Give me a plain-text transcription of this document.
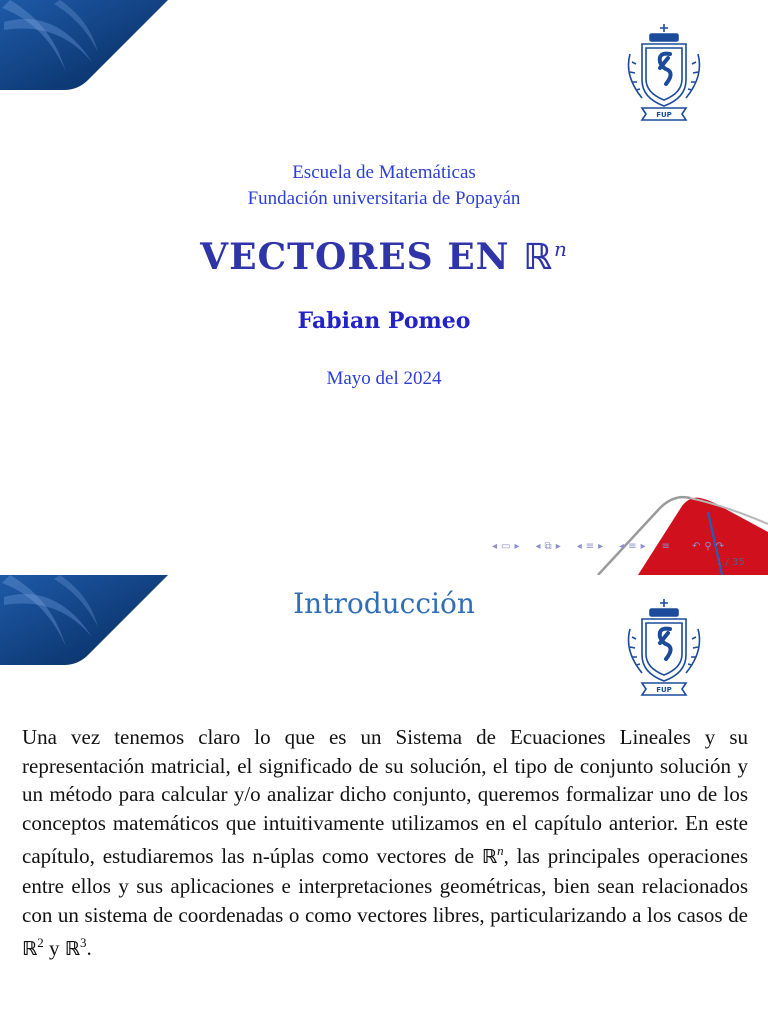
FUP
Escuela de Matemáticas
Fundación universitaria de Popayán
VECTORES EN ℝ$^n$
Fabian Pomeo
Mayo del 2024
◂ ▭ ▸ ◂ ⧉ ▸ ◂ ≡ ▸ ◂ ≡ ▸ ≡ ↶ ⚲ ↷
1 / 35
Introducción
FUP
Una vez tenemos claro lo que es un Sistema de Ecuaciones Lineales y su representación matricial, el significado de su solución, el tipo de conjunto solución y un método para calcular y/o analizar dicho conjunto, queremos formalizar uno de los conceptos matemáticos que intuitivamente utilizamos en el capítulo anterior. En este capítulo, estudiaremos las n-úplas como vectores de ℝ$^n$, las principales operaciones entre ellos y sus aplicaciones e interpretaciones geométricas, bien sean relacionados con un sistema de coordenadas o como vectores libres, particularizando a los casos de ℝ$^2$ y ℝ$^3$.
